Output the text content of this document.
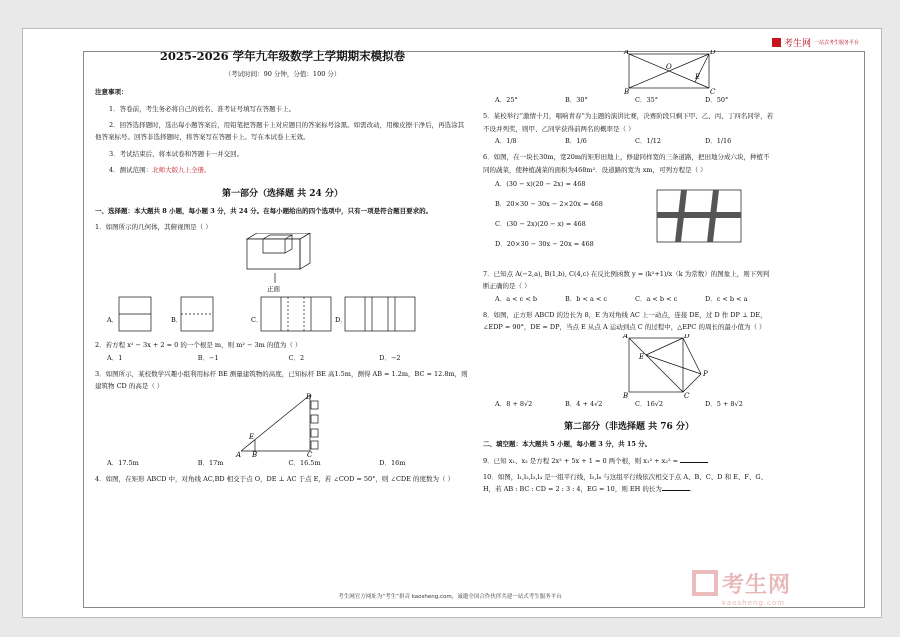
考生网 一站式考生服务平台
2025-2026 学年九年级数学上学期期末模拟卷
（考试时间：90 分钟，分值：100 分）
注意事项：
1．答卷前，考生务必将自己的姓名、准考证号填写在答题卡上。
2．回答选择题时，选出每小题答案后，用铅笔把答题卡上对应题目的答案标号涂黑。如需改动，用橡皮擦干净后，再选涂其他答案标号。回答非选择题时，将答案写在答题卡上。写在本试卷上无效。
3．考试结束后，将本试卷和答题卡一并交回。
4．测试范围：北师大版九上全册。
第一部分（选择题 共 24 分）
一、选择题：本大题共 8 小题，每小题 3 分，共 24 分。在每小题给出的四个选项中，只有一项是符合题目要求的。
1．如图所示的几何体，其俯视图是（ ）
正面
A．	B．	C．	D．
2．若方程 x² − 3x + 2 = 0 的一个根是 m，则 m² − 3m 的值为（ ）
A．1	B．−1	C．2	D．−2
3．如图所示，某校数学兴趣小组利用标杆 BE 测量建筑物的高度，已知标杆 BE 高1.5m，测得 AB = 1.2m，BC = 12.8m，则建筑物 CD 的高是（ ）
D
E
A B	C
A．17.5m	B．17m	C．16.5m	D．16m
4．如图，在矩形 ABCD 中，对角线 AC,BD 相交于点 O，DE ⊥ AC 于点 E，若 ∠COD = 50°，则 ∠CDE 的度数为（ ）
A	D
O
E
B	C
A．25°	B．30°	C．35°	D．50°
5．某校举行“激情十月，唱响青春”为主题的演讲比赛，决赛阶段只剩下甲、乙、丙、丁四名同学，若不设并列奖，则甲、乙同学获得前两名的概率是（ ）
A．1/8	B．1/6	C．1/12	D．1/16
6．如图，在一块长30m，宽20m的矩形田地上，修建同样宽的三条道路，把田地分成六块，种植不同的蔬菜，使种植蔬菜的面积为468m²．设道路的宽为 xm，可列方程是（ ）
A．(30 − x)(20 − 2x) = 468
B．20×30 − 30x − 2×20x = 468
C．(30 − 2x)(20 − x) = 468
D．20×30 − 30x − 20x = 468
7．已知点 A(−2,a), B(1,b), C(4,c) 在反比例函数 y = (k²+1)/x（k 为常数）的图象上，则下列判断正确的是（ ）
A．a < c < b	B．b < a < c	C．a < b < c	D．c < b < a
8．如图，正方形 ABCD 的边长为 8，E 为对角线 AC 上一动点，连接 DE，过 D 作 DP ⊥ DE，∠EDP = 90°，DE = DP，当点 E 从点 A 运动到点 C 的过程中，△EPC 的周长的最小值为（ ）
A	D
E
P
B	C
A．8 + 8√2	B．4 + 4√2	C．16√2	D．5 + 8√2
第二部分（非选择题 共 76 分）
二、填空题：本大题共 5 小题，每小题 3 分，共 15 分。
9．已知 x₁、x₂ 是方程 2x² + 5x + 1 = 0 两个根，则 x₁² + x₂² =
10．如图，l₁,l₂,l₃,l₄ 是一组平行线，l₅,l₆ 与这组平行线依次相交于点 A、B、C、D 和 E、F、G、H，若 AB : BC : CD = 2 : 3 : 4，EG = 10，则 EH 的长为	．
考生网官方网址为“考生”拼音 kaosheng.com，诚邀全国合作伙伴共建一站式考生服务平台	考生网
kaosheng.com
